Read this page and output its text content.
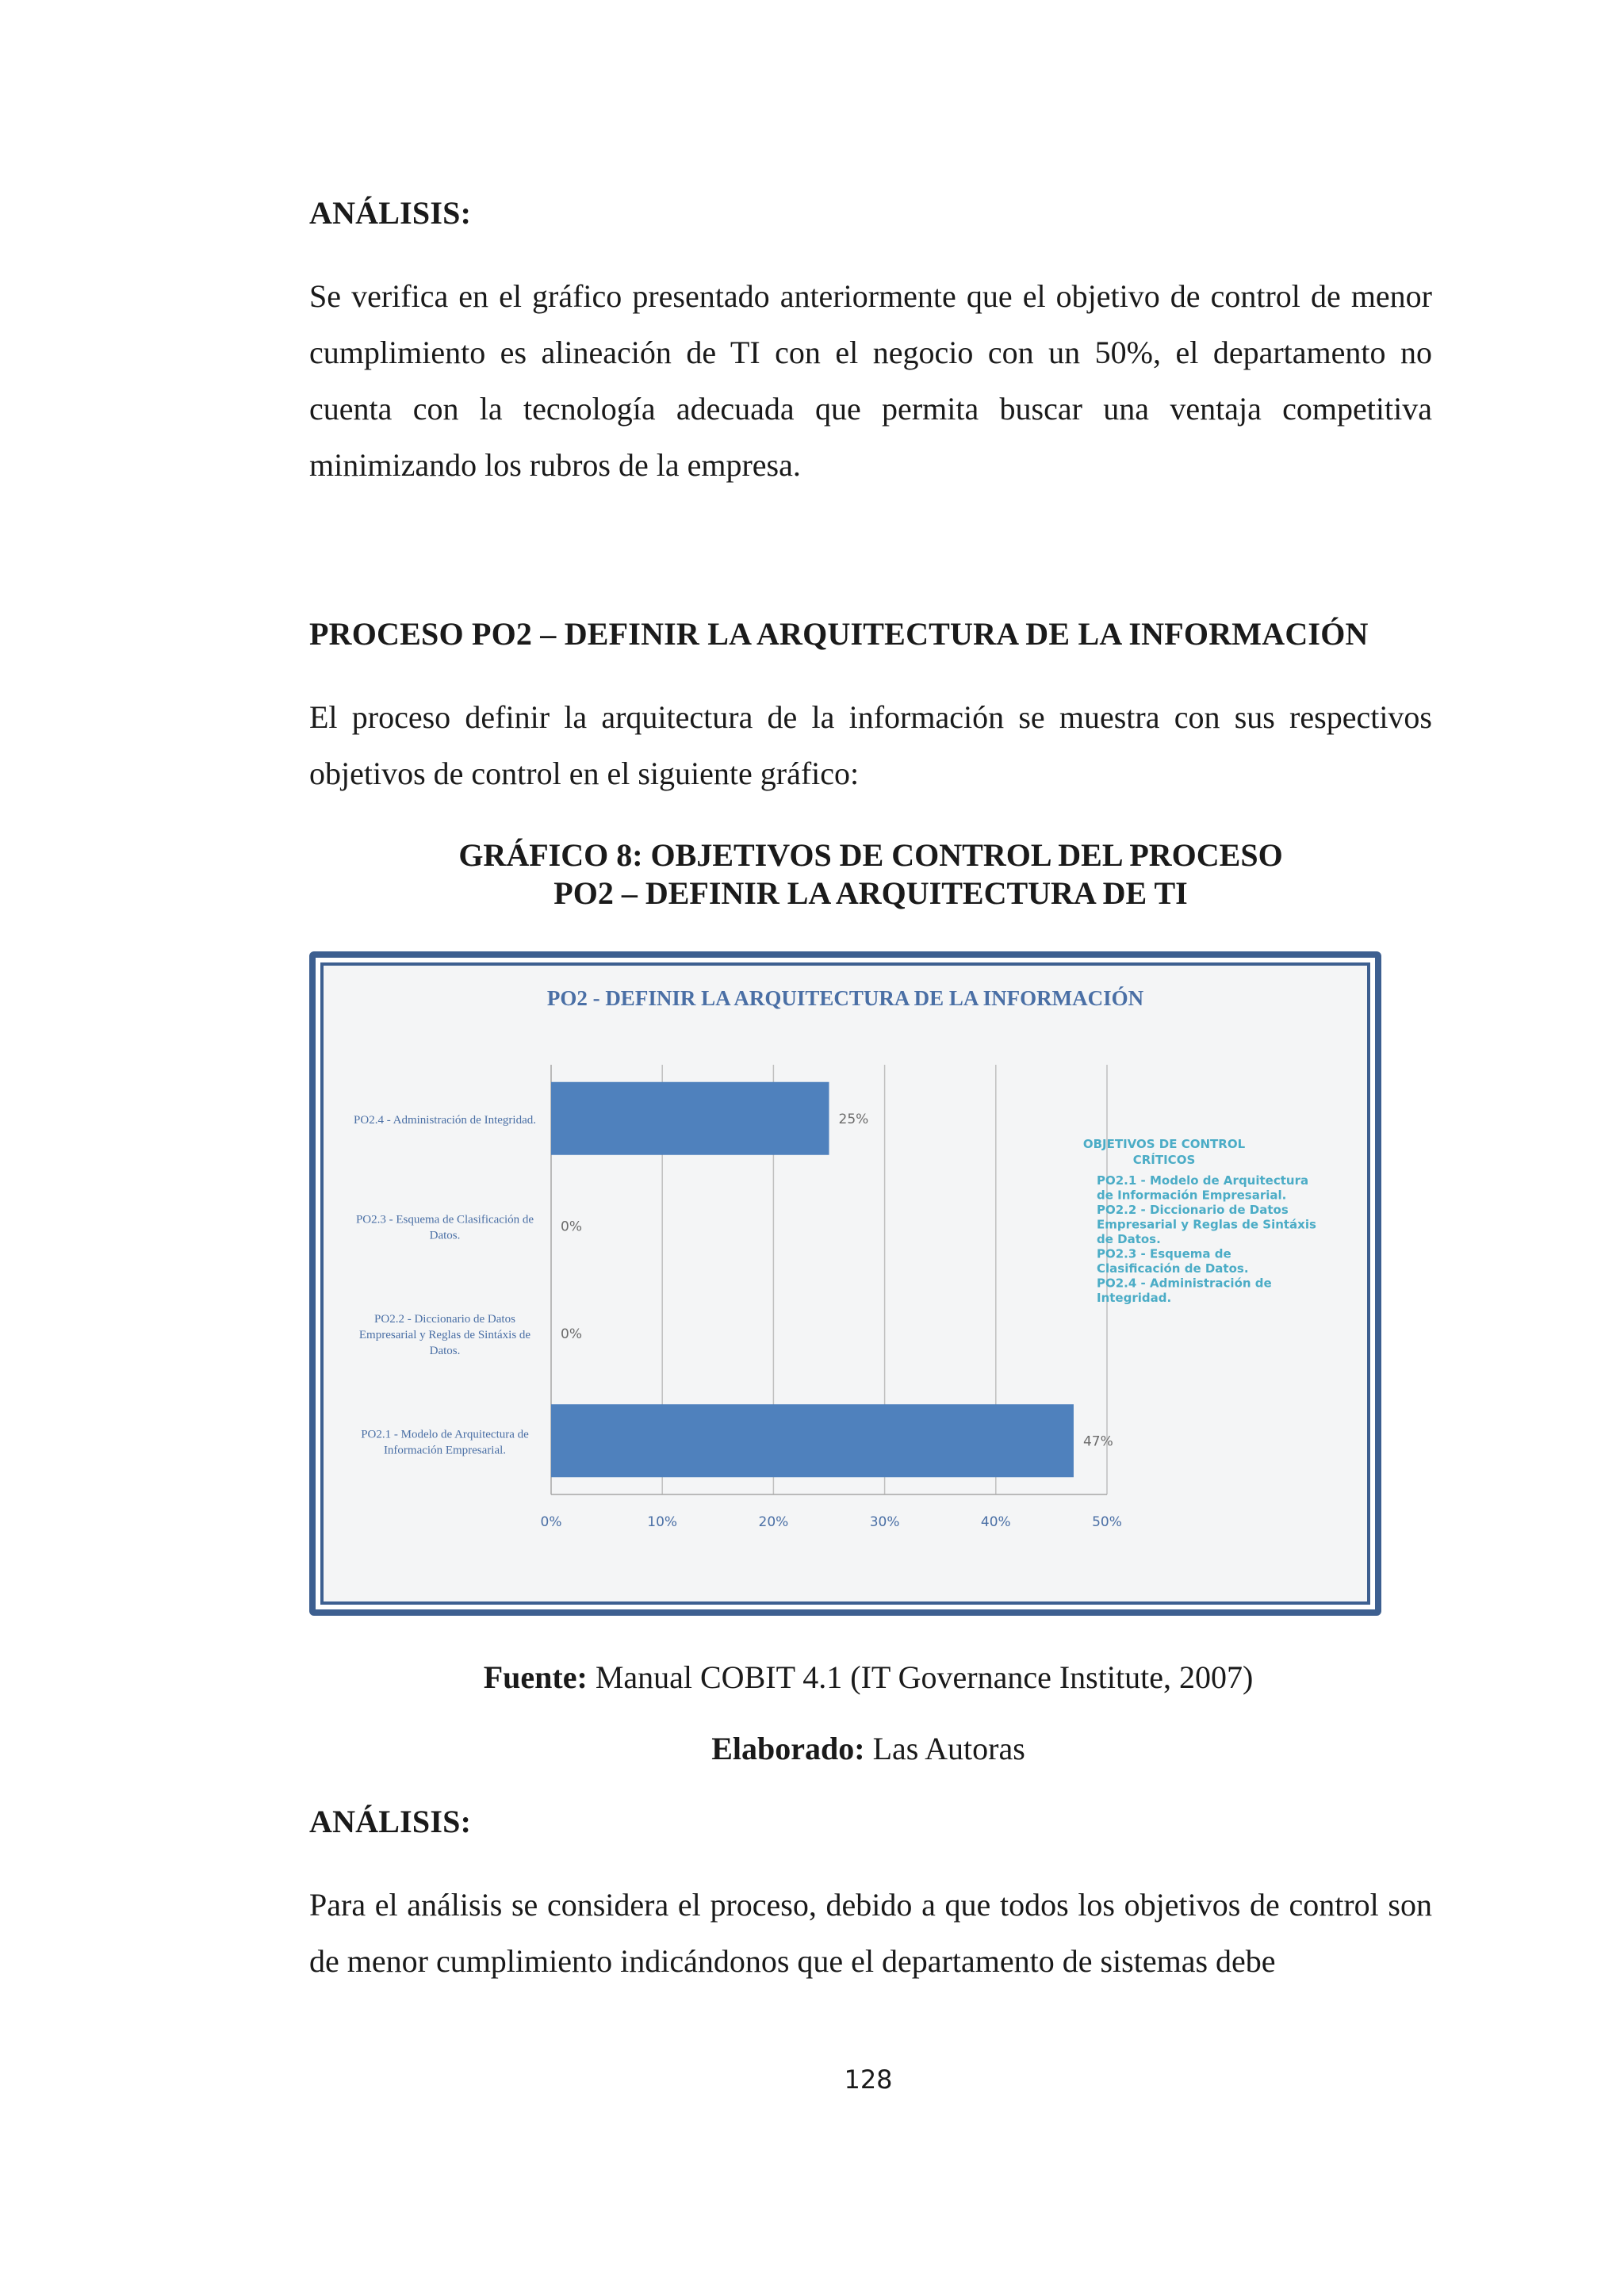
ANÁLISIS:

Se verifica en el gráfico presentado anteriormente que el objetivo de control de menor cumplimiento es alineación de TI con el negocio con un 50%, el departamento no cuenta con la tecnología adecuada que permita buscar una ventaja competitiva minimizando los rubros de la empresa.

PROCESO PO2 – DEFINIR LA ARQUITECTURA DE LA INFORMACIÓN

El proceso definir la arquitectura de la información se muestra con sus respectivos objetivos de control en el siguiente gráfico:

GRÁFICO 8: OBJETIVOS DE CONTROL DEL PROCESO
PO2 – DEFINIR LA ARQUITECTURA DE TI
PO2 - DEFINIR LA ARQUITECTURA DE LA INFORMACIÓN
0%	10%	20%	30%	40%	50%
25%
PO2.4 - Administración de Integridad.
0%
PO2.3 - Esquema de Clasificación de
Datos.
0%
PO2.2 - Diccionario de Datos
Empresarial y Reglas de Sintáxis de
Datos.
47%
PO2.1 - Modelo de Arquitectura de
Información Empresarial.
OBJETIVOS DE CONTROL
CRÍTICOS
PO2.1 - Modelo de Arquitectura
de Información Empresarial.
PO2.2 - Diccionario de Datos
Empresarial y Reglas de Sintáxis
de Datos.
PO2.3 - Esquema de
Clasificación de Datos.
PO2.4 - Administración de
Integridad.

Fuente: Manual COBIT 4.1 (IT Governance Institute, 2007)

Elaborado: Las Autoras

ANÁLISIS:

Para el análisis se considera el proceso, debido a que todos los objetivos de control son de menor cumplimiento indicándonos que el departamento de sistemas debe

128
